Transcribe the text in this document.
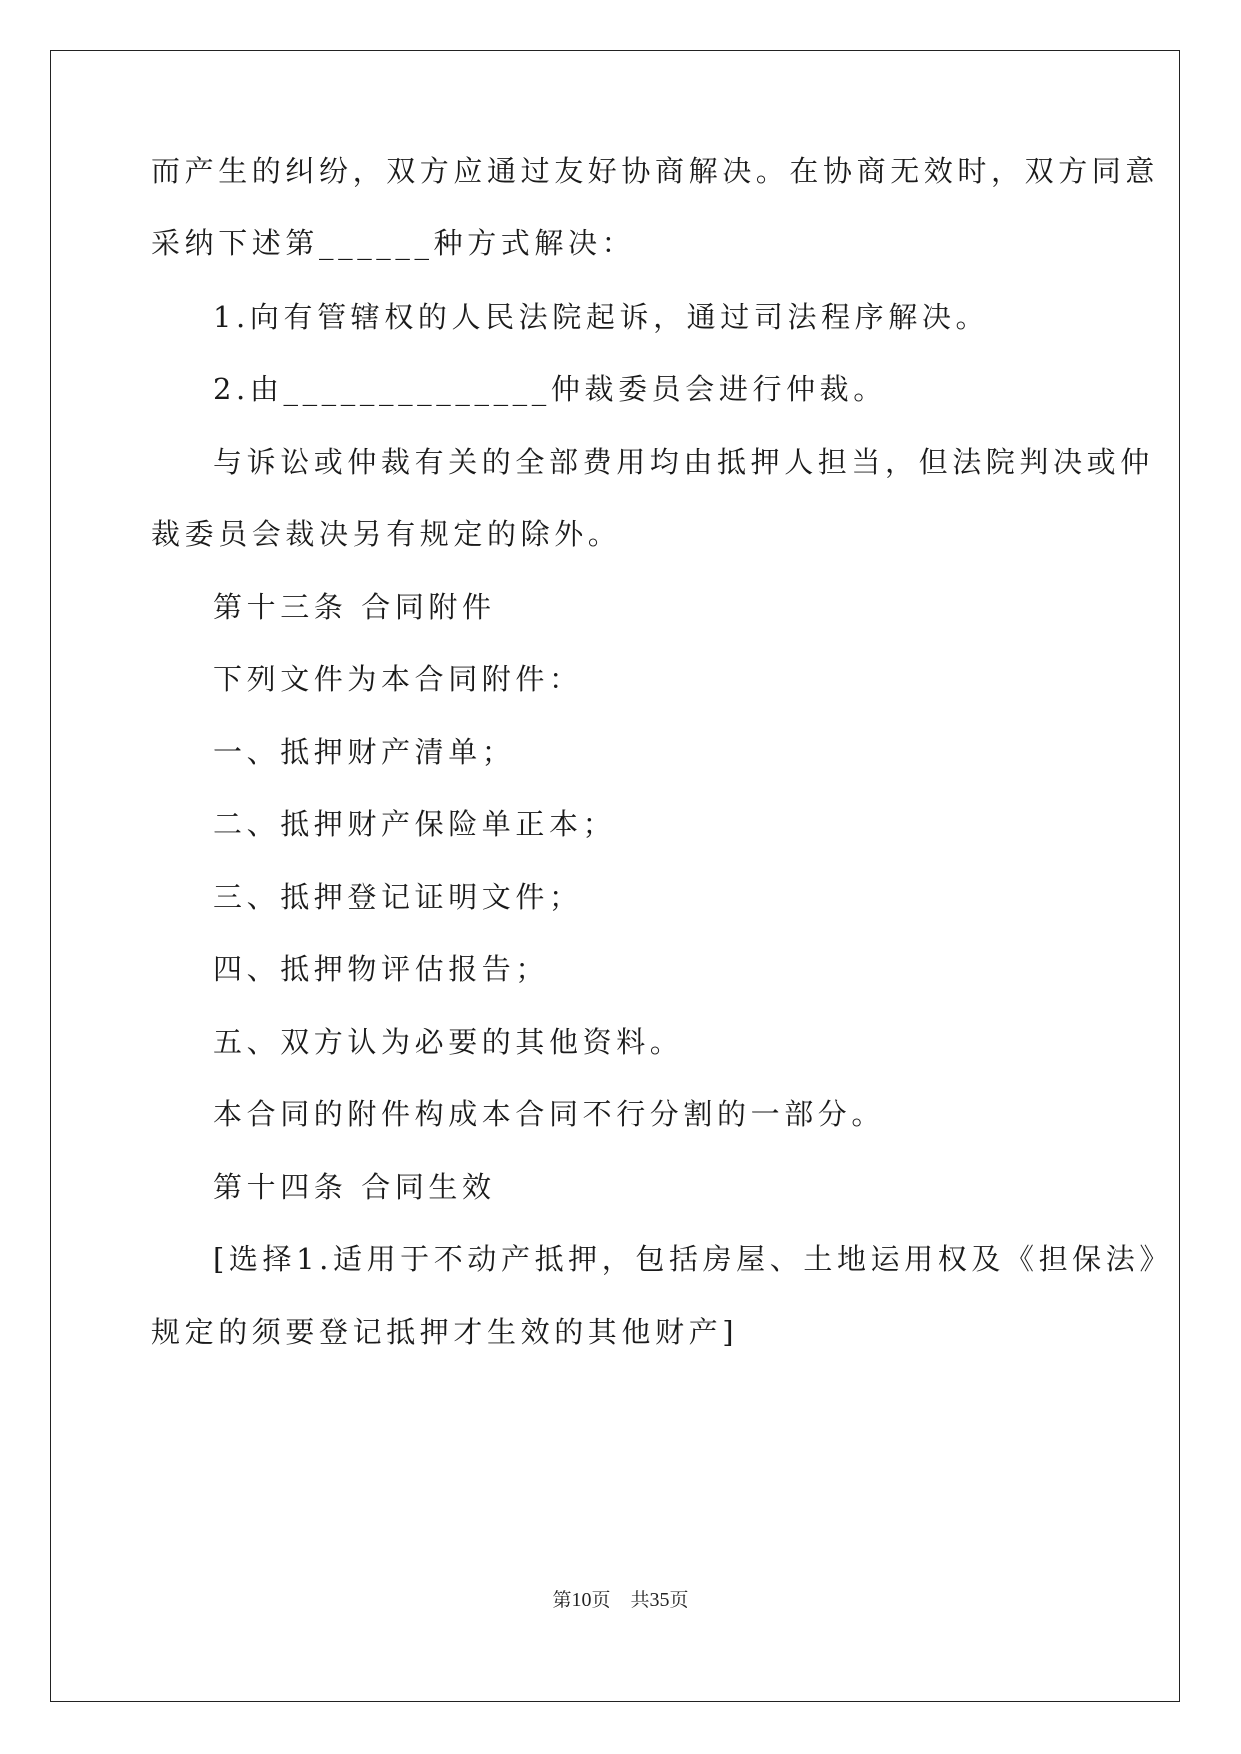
而产生的纠纷，双方应通过友好协商解决。在协商无效时，双方同意
采纳下述第______种方式解决：
1.向有管辖权的人民法院起诉，通过司法程序解决。
2.由______________仲裁委员会进行仲裁。
与诉讼或仲裁有关的全部费用均由抵押人担当，但法院判决或仲
裁委员会裁决另有规定的除外。
第十三条 合同附件
下列文件为本合同附件：
一、抵押财产清单；
二、抵押财产保险单正本；
三、抵押登记证明文件；
四、抵押物评估报告；
五、双方认为必要的其他资料。
本合同的附件构成本合同不行分割的一部分。
第十四条 合同生效
[选择1.适用于不动产抵押，包括房屋、土地运用权及《担保法》
规定的须要登记抵押才生效的其他财产]
第10页 共35页
